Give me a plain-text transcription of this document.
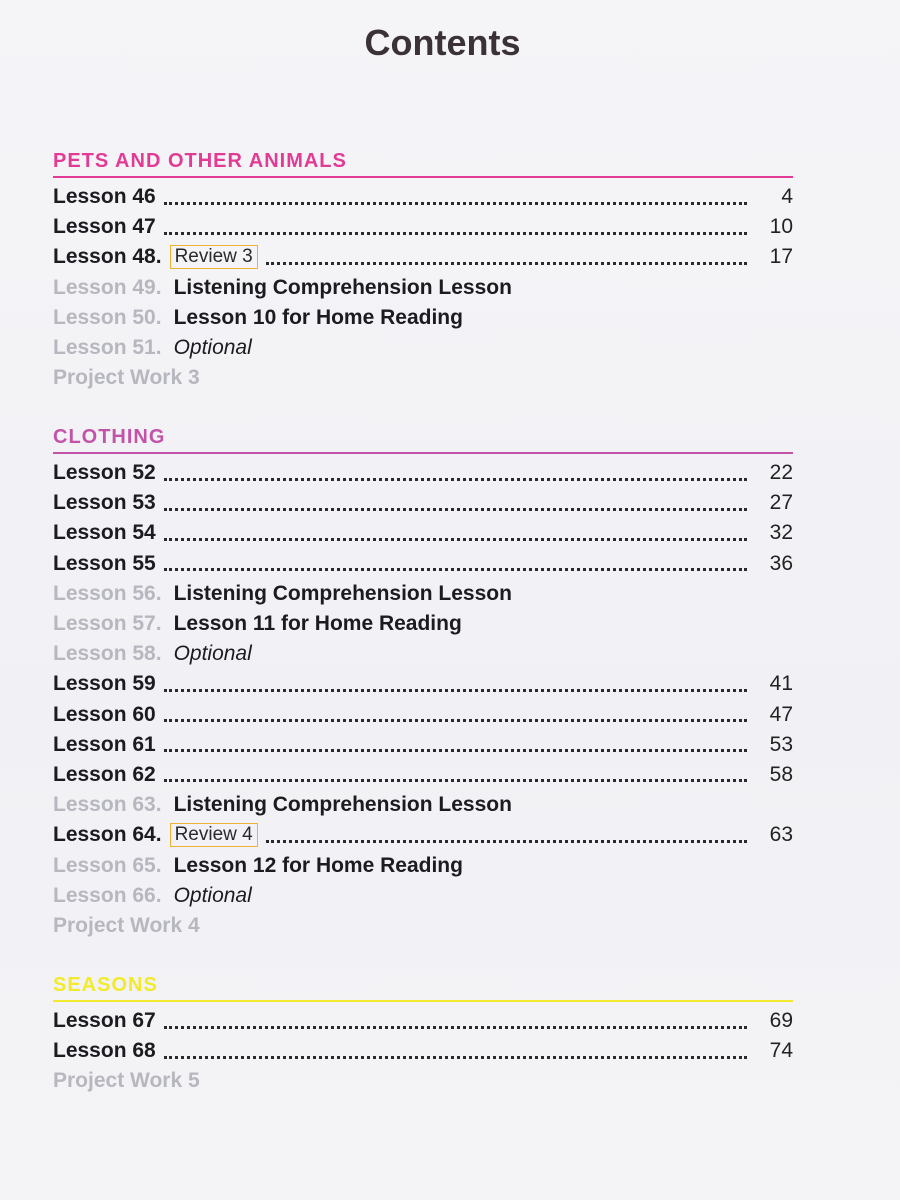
Contents
PETS AND OTHER ANIMALS
Lesson 46	4
Lesson 47	10
Lesson 48. Review 3	17
Lesson 49. Listening Comprehension Lesson
Lesson 50. Lesson 10 for Home Reading
Lesson 51. Optional
Project Work 3
CLOTHING
Lesson 52	22
Lesson 53	27
Lesson 54	32
Lesson 55	36
Lesson 56. Listening Comprehension Lesson
Lesson 57. Lesson 11 for Home Reading
Lesson 58. Optional
Lesson 59	41
Lesson 60	47
Lesson 61	53
Lesson 62	58
Lesson 63. Listening Comprehension Lesson
Lesson 64. Review 4	63
Lesson 65. Lesson 12 for Home Reading
Lesson 66. Optional
Project Work 4
SEASONS
Lesson 67	69
Lesson 68	74
Project Work 5
